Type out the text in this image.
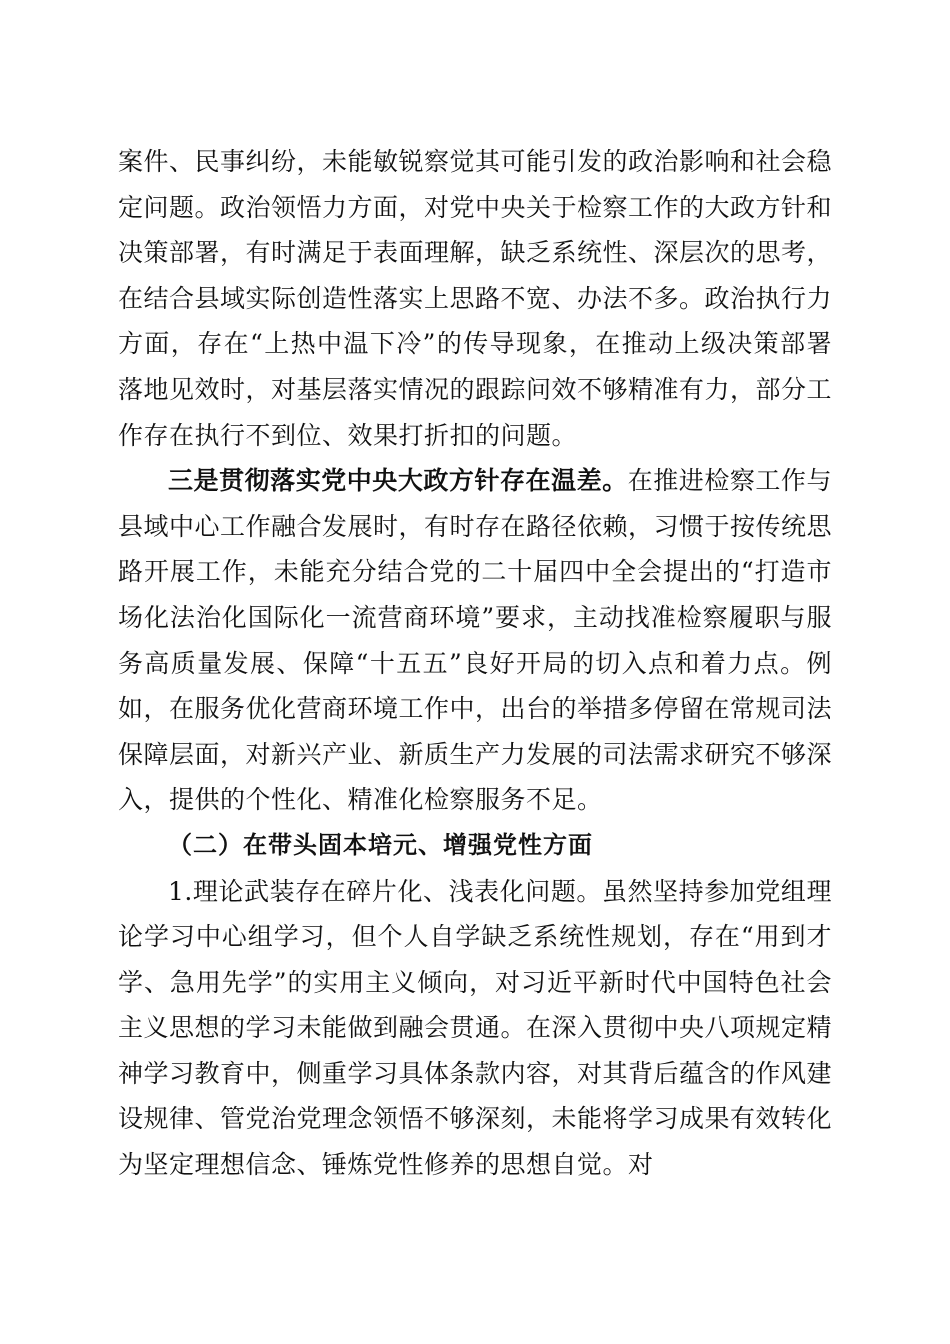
案件、民事纠纷，未能敏锐察觉其可能引发的政治影响和社会稳定问题。政治领悟力方面，对党中央关于检察工作的大政方针和决策部署，有时满足于表面理解，缺乏系统性、深层次的思考，在结合县域实际创造性落实上思路不宽、办法不多。政治执行力方面，存在“上热中温下冷”的传导现象，在推动上级决策部署落地见效时，对基层落实情况的跟踪问效不够精准有力，部分工作存在执行不到位、效果打折扣的问题。

三是贯彻落实党中央大政方针存在温差。在推进检察工作与县域中心工作融合发展时，有时存在路径依赖，习惯于按传统思路开展工作，未能充分结合党的二十届四中全会提出的“打造市场化法治化国际化一流营商环境”要求，主动找准检察履职与服务高质量发展、保障“十五五”良好开局的切入点和着力点。例如，在服务优化营商环境工作中，出台的举措多停留在常规司法保障层面，对新兴产业、新质生产力发展的司法需求研究不够深入，提供的个性化、精准化检察服务不足。

（二）在带头固本培元、增强党性方面

1.理论武装存在碎片化、浅表化问题。虽然坚持参加党组理论学习中心组学习，但个人自学缺乏系统性规划，存在“用到才学、急用先学”的实用主义倾向，对习近平新时代中国特色社会主义思想的学习未能做到融会贯通。在深入贯彻中央八项规定精神学习教育中，侧重学习具体条款内容，对其背后蕴含的作风建设规律、管党治党理念领悟不够深刻，未能将学习成果有效转化为坚定理想信念、锤炼党性修养的思想自觉。对
